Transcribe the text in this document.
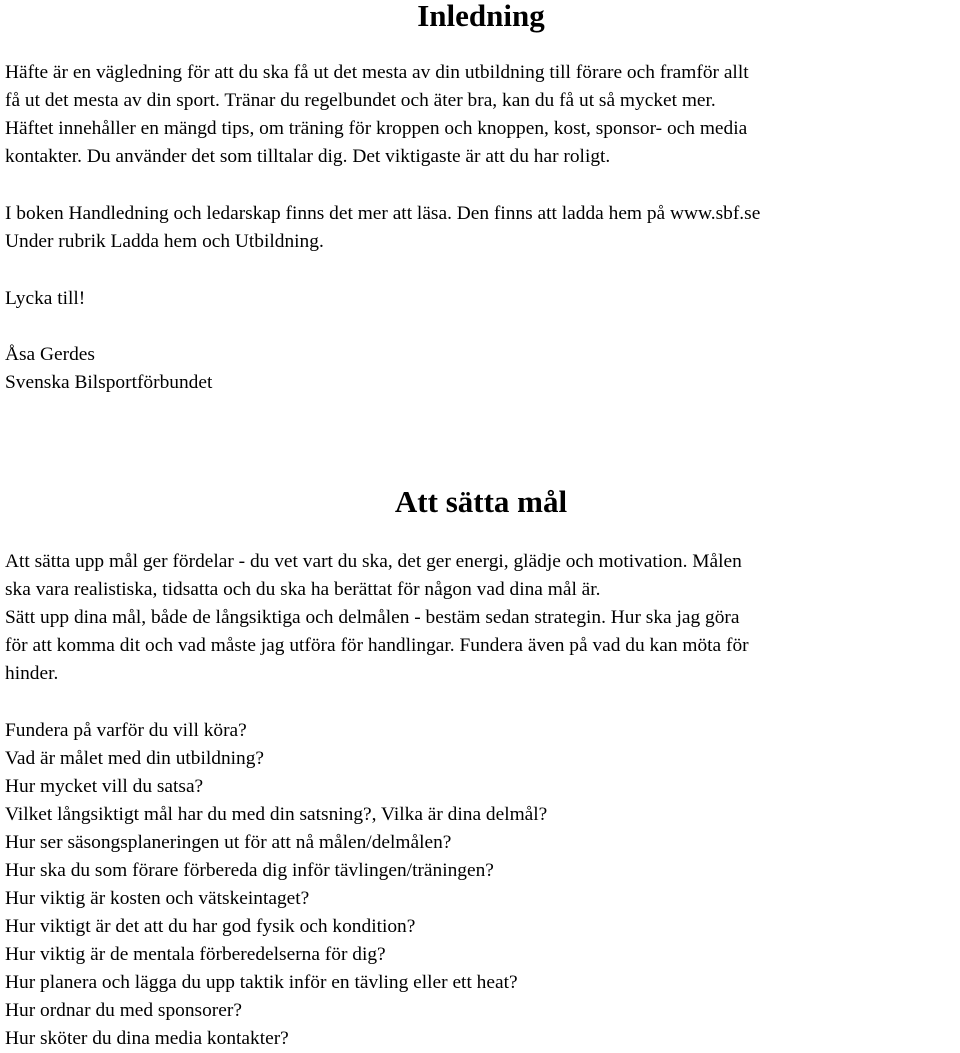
Inledning
Häfte är en vägledning för att du ska få ut det mesta av din utbildning till förare och framför allt
få ut det mesta av din sport. Tränar du regelbundet och äter bra, kan du få ut så mycket mer.
Häftet innehåller en mängd tips, om träning för kroppen och knoppen, kost, sponsor- och media
kontakter. Du använder det som tilltalar dig. Det viktigaste är att du har roligt.
I boken Handledning och ledarskap finns det mer att läsa. Den finns att ladda hem på www.sbf.se
Under rubrik Ladda hem och Utbildning.
Lycka till!
Åsa Gerdes
Svenska Bilsportförbundet
Att sätta mål
Att sätta upp mål ger fördelar - du vet vart du ska, det ger energi, glädje och motivation. Målen
ska vara realistiska, tidsatta och du ska ha berättat för någon vad dina mål är.
Sätt upp dina mål, både de långsiktiga och delmålen - bestäm sedan strategin. Hur ska jag göra
för att komma dit och vad måste jag utföra för handlingar. Fundera även på vad du kan möta för
hinder.
Fundera på varför du vill köra?
Vad är målet med din utbildning?
Hur mycket vill du satsa?
Vilket långsiktigt mål har du med din satsning?, Vilka är dina delmål?
Hur ser säsongsplaneringen ut för att nå målen/delmålen?
Hur ska du som förare förbereda dig inför tävlingen/träningen?
Hur viktig är kosten och vätskeintaget?
Hur viktigt är det att du har god fysik och kondition?
Hur viktig är de mentala förberedelserna för dig?
Hur planera och lägga du upp taktik inför en tävling eller ett heat?
Hur ordnar du med sponsorer?
Hur sköter du dina media kontakter?
